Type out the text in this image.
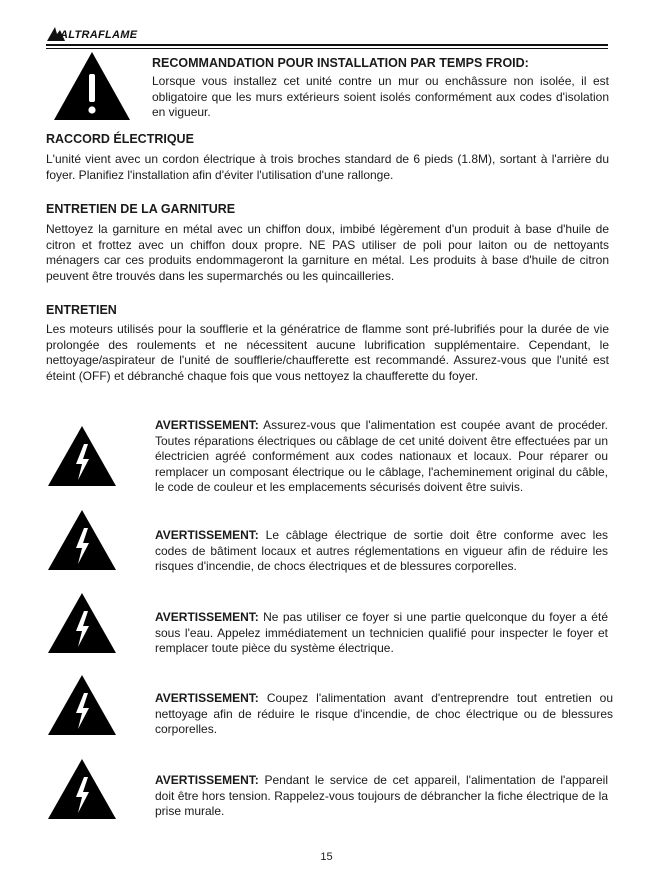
ALTRAFLAME
RECOMMANDATION POUR INSTALLATION PAR TEMPS FROID:

Lorsque vous installez cet unité contre un mur ou enchâssure non isolée, il est obligatoire que les murs extérieurs soient isolés conformément aux codes d'isolation en vigueur.

RACCORD ÉLECTRIQUE

L'unité vient avec un cordon électrique à trois broches standard de 6 pieds (1.8M), sortant à l'arrière du foyer. Planifiez l'installation afin d'éviter l'utilisation d'une rallonge.

ENTRETIEN DE LA GARNITURE

Nettoyez la garniture en métal avec un chiffon doux, imbibé légèrement d'un produit à base d'huile de citron et frottez avec un chiffon doux propre. NE PAS utiliser de poli pour laiton ou de nettoyants ménagers car ces produits endommageront la garniture en métal. Les produits à base d'huile de citron peuvent être trouvés dans les supermarchés ou les quincailleries.

ENTRETIEN

Les moteurs utilisés pour la soufflerie et la génératrice de flamme sont pré-lubrifiés pour la durée de vie prolongée des roulements et ne nécessitent aucune lubrification supplémentaire. Cependant, le nettoyage/aspirateur de l'unité de soufflerie/chaufferette est recommandé. Assurez-vous que l'unité est éteint (OFF) et débranché chaque fois que vous nettoyez la chaufferette du foyer.

AVERTISSEMENT: Assurez-vous que l'alimentation est coupée avant de procéder. Toutes réparations électriques ou câblage de cet unité doivent être effectuées par un électricien agréé conformément aux codes nationaux et locaux. Pour réparer ou remplacer un composant électrique ou le câblage, l'acheminement original du câble, le code de couleur et les emplacements sécurisés doivent être suivis.

AVERTISSEMENT: Le câblage électrique de sortie doit être conforme avec les codes de bâtiment locaux et autres réglementations en vigueur afin de réduire les risques d'incendie, de chocs électriques et de blessures corporelles.

AVERTISSEMENT: Ne pas utiliser ce foyer si une partie quelconque du foyer a été sous l'eau. Appelez immédiatement un technicien qualifié pour inspecter le foyer et remplacer toute pièce du système électrique.

AVERTISSEMENT: Coupez l'alimentation avant d'entreprendre tout entretien ou nettoyage afin de réduire le risque d'incendie, de choc électrique ou de blessures corporelles.

AVERTISSEMENT: Pendant le service de cet appareil, l'alimentation de l'appareil doit être hors tension. Rappelez-vous toujours de débrancher la fiche électrique de la prise murale.

15
